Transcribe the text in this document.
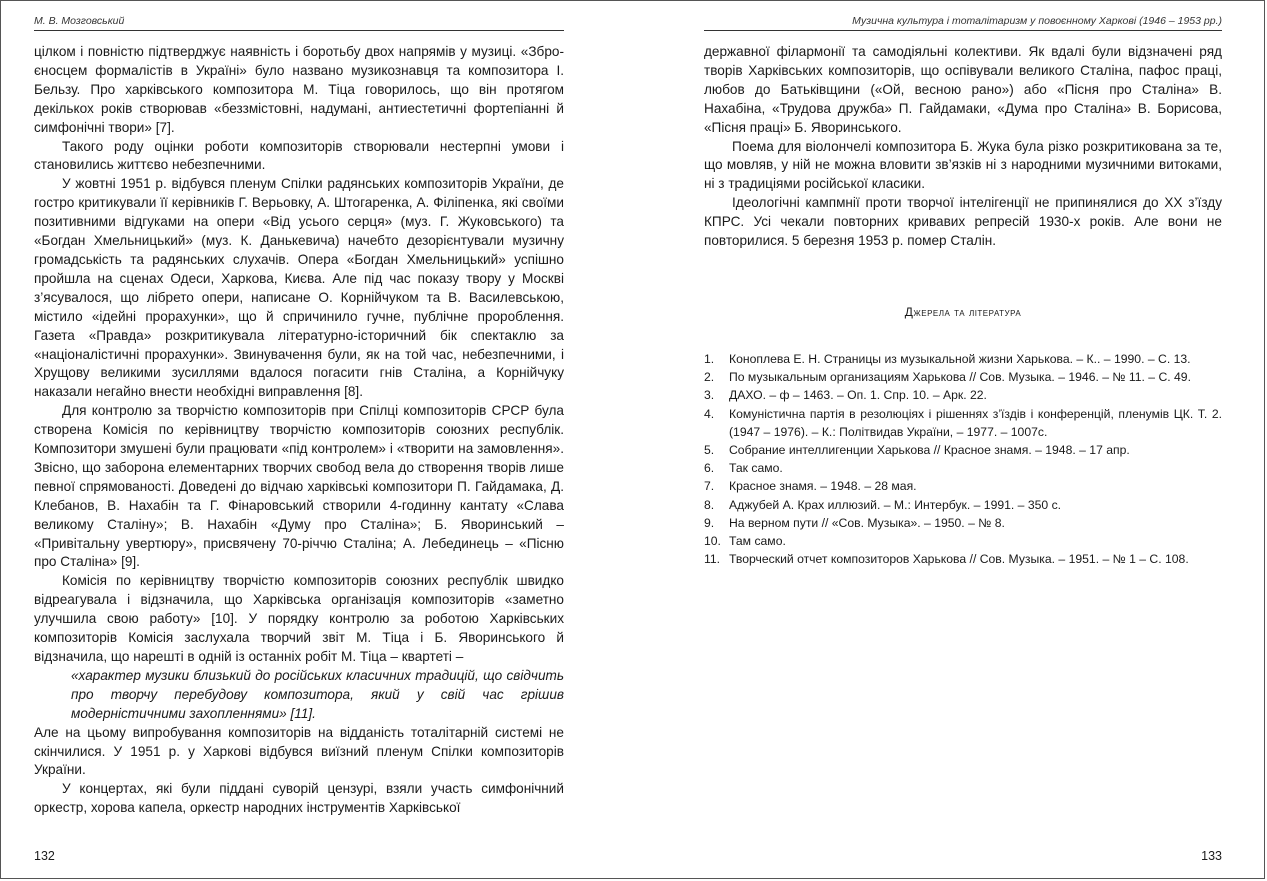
М. В. Мозговський

цілком і повністю підтверджує наявність і боротьбу двох напрямів у музиці. «Зброєносцем формалістів в Україні» було названо музикознавця та композитора І. Бельзу. Про харківського композитора М. Тіца говорилось, що він протягом декількох років створював «беззмістовні, надумані, антиестетичні фортепіанні й симфонічні твори» [7].

Такого роду оцінки роботи композиторів створювали нестерпні умови і становились життєво небезпечними.

У жовтні 1951 р. відбувся пленум Спілки радянських композиторів України, де гостро критикували її керівників Г. Верьовку, А. Штогаренка, А. Філіпенка, які своїми позитивними відгуками на опери «Від усього серця» (муз. Г. Жуковського) та «Богдан Хмельницький» (муз. К. Данькевича) начебто дезорієнтували музичну громадськість та радянських слухачів. Опера «Богдан Хмельницький» успішно пройшла на сценах Одеси, Харкова, Києва. Але під час показу твору у Москві з’ясувалося, що лібрето опери, написане О. Корнійчуком та В. Василевською, містило «ідейні прорахунки», що й спричинило гучне, публічне пророблення. Газета «Правда» розкритикувала літературно-історичний бік спектаклю за «націоналістичні прорахунки». Звинувачення були, як на той час, небезпечними, і Хрущову великими зусиллями вдалося погасити гнів Сталіна, а Корнійчуку наказали негайно внести необхідні виправлення [8].

Для контролю за творчістю композиторів при Спілці композиторів СРСР була створена Комісія по керівництву творчістю композиторів союзних республік. Композитори змушені були працювати «під контролем» і «творити на замовлення». Звісно, що заборона елементарних творчих свобод вела до створення творів лише певної спрямованості. Доведені до відчаю харківські композитори П. Гайдамака, Д. Клебанов, В. Нахабін та Г. Фінаровський створили 4-годинну кантату «Слава великому Сталіну»; В. Нахабін «Думу про Сталіна»; Б. Яворинський – «Привітальну увертюру», присвячену 70-річчю Сталіна; А. Лебединець – «Пісню про Сталіна» [9].

Комісія по керівництву творчістю композиторів союзних республік швидко відреагувала і відзначила, що Харківська організація композиторів «заметно улучшила свою работу» [10]. У порядку контролю за роботою Харківських композиторів Комісія заслухала творчий звіт М. Тіца і Б. Яворинського й відзначила, що нарешті в одній із останніх робіт М. Тіца – квартеті –

«характер музики близький до російських класичних традицій, що свідчить про творчу перебудову композитора, який у свій час грішив модерністичними захопленнями» [11].

Але на цьому випробування композиторів на відданість тоталітарній системі не скінчилися. У 1951 р. у Харкові відбувся виїзний пленум Спілки композиторів України.

У концертах, які були піддані суворій цензурі, взяли участь симфонічний оркестр, хорова капела, оркестр народних інструментів Харківської

132
Музична культура і тоталітаризм у повоєнному Харкові (1946 – 1953 рр.)

державної філармонії та самодіяльні колективи. Як вдалі були відзначені ряд творів Харківських композиторів, що оспівували великого Сталіна, пафос праці, любов до Батьківщини («Ой, весною рано») або «Пісня про Сталіна» В. Нахабіна, «Трудова дружба» П. Гайдамаки, «Дума про Сталіна» В. Борисова, «Пісня праці» Б. Яворинського.

Поема для віолончелі композитора Б. Жука була різко розкритикована за те, що мовляв, у ній не можна вловити зв’язків ні з народними музичними витоками, ні з традиціями російської класики.

Ідеологічні кампмнії проти творчої інтелігенції не припинялися до ХХ з’їзду КПРС. Усі чекали повторних кривавих репресій 1930-х років. Але вони не повторилися. 5 березня 1953 р. помер Сталін.

Джерела та література
1. Коноплева Е. Н. Страницы из музыкальной жизни Харькова. – К.. – 1990. – С. 13.
2. По музыкальным организациям Харькова // Сов. Музыка. – 1946. – № 11. – С. 49.
3. ДАХО. – ф – 1463. – Оп. 1. Спр. 10. – Арк. 22.
4. Комуністична партія в резолюціях і рішеннях з’їздів і конференцій, пленумів ЦК. Т. 2. (1947 – 1976). – К.: Політвидав України, – 1977. – 1007с.
5. Собрание интеллигенции Харькова // Красное знамя. – 1948. – 17 апр.
6. Так само.
7. Красное знамя. – 1948. – 28 мая.
8. Аджубей А. Крах иллюзий. – М.: Интербук. – 1991. – 350 с.
9. На верном пути // «Сов. Музыка». – 1950. – № 8.
10. Там само.
11. Творческий отчет композиторов Харькова // Сов. Музыка. – 1951. – № 1 – С. 108.
133
